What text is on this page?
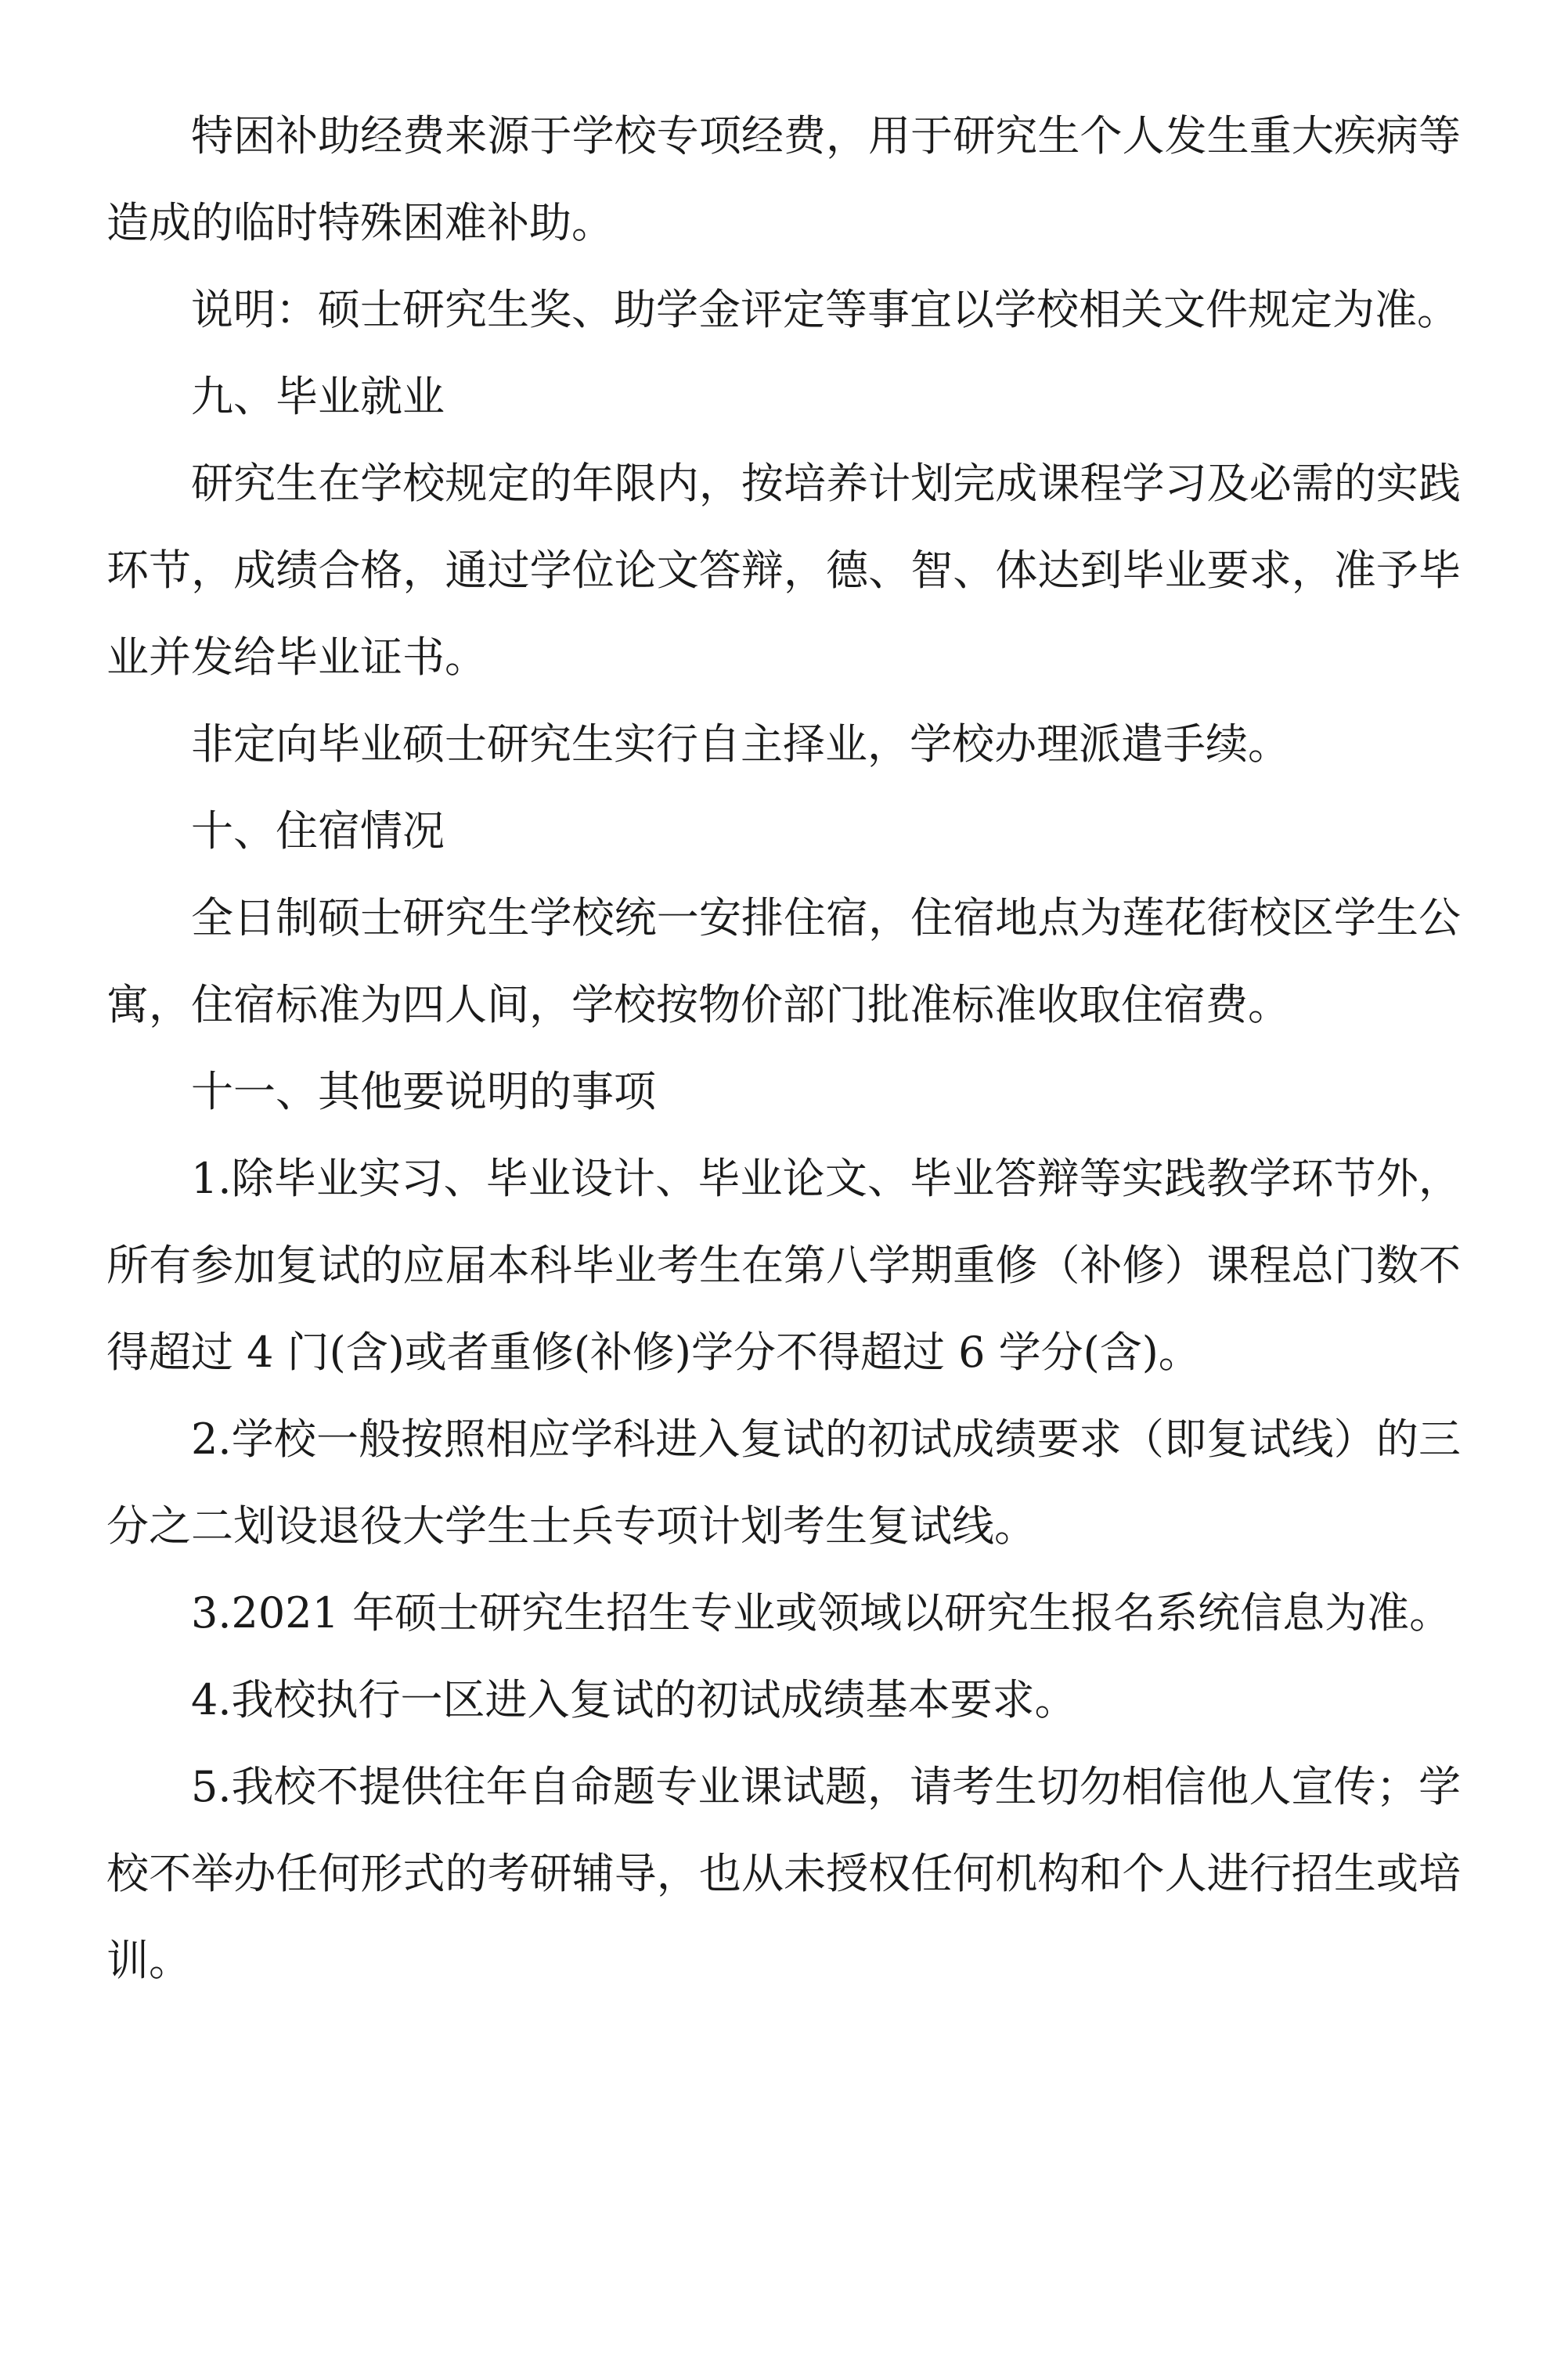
特困补助经费来源于学校专项经费，用于研究生个人发生重大疾病等造成的临时特殊困难补助。

说明：硕士研究生奖、助学金评定等事宜以学校相关文件规定为准。

九、毕业就业

研究生在学校规定的年限内，按培养计划完成课程学习及必需的实践环节，成绩合格，通过学位论文答辩，德、智、体达到毕业要求，准予毕业并发给毕业证书。

非定向毕业硕士研究生实行自主择业，学校办理派遣手续。

十、住宿情况

全日制硕士研究生学校统一安排住宿，住宿地点为莲花街校区学生公寓，住宿标准为四人间，学校按物价部门批准标准收取住宿费。

十一、其他要说明的事项

1.除毕业实习、毕业设计、毕业论文、毕业答辩等实践教学环节外，所有参加复试的应届本科毕业考生在第八学期重修（补修）课程总门数不得超过 4 门(含)或者重修(补修)学分不得超过 6 学分(含)。

2.学校一般按照相应学科进入复试的初试成绩要求（即复试线）的三分之二划设退役大学生士兵专项计划考生复试线。

3.2021 年硕士研究生招生专业或领域以研究生报名系统信息为准。

4.我校执行一区进入复试的初试成绩基本要求。

5.我校不提供往年自命题专业课试题，请考生切勿相信他人宣传；学校不举办任何形式的考研辅导，也从未授权任何机构和个人进行招生或培训。
